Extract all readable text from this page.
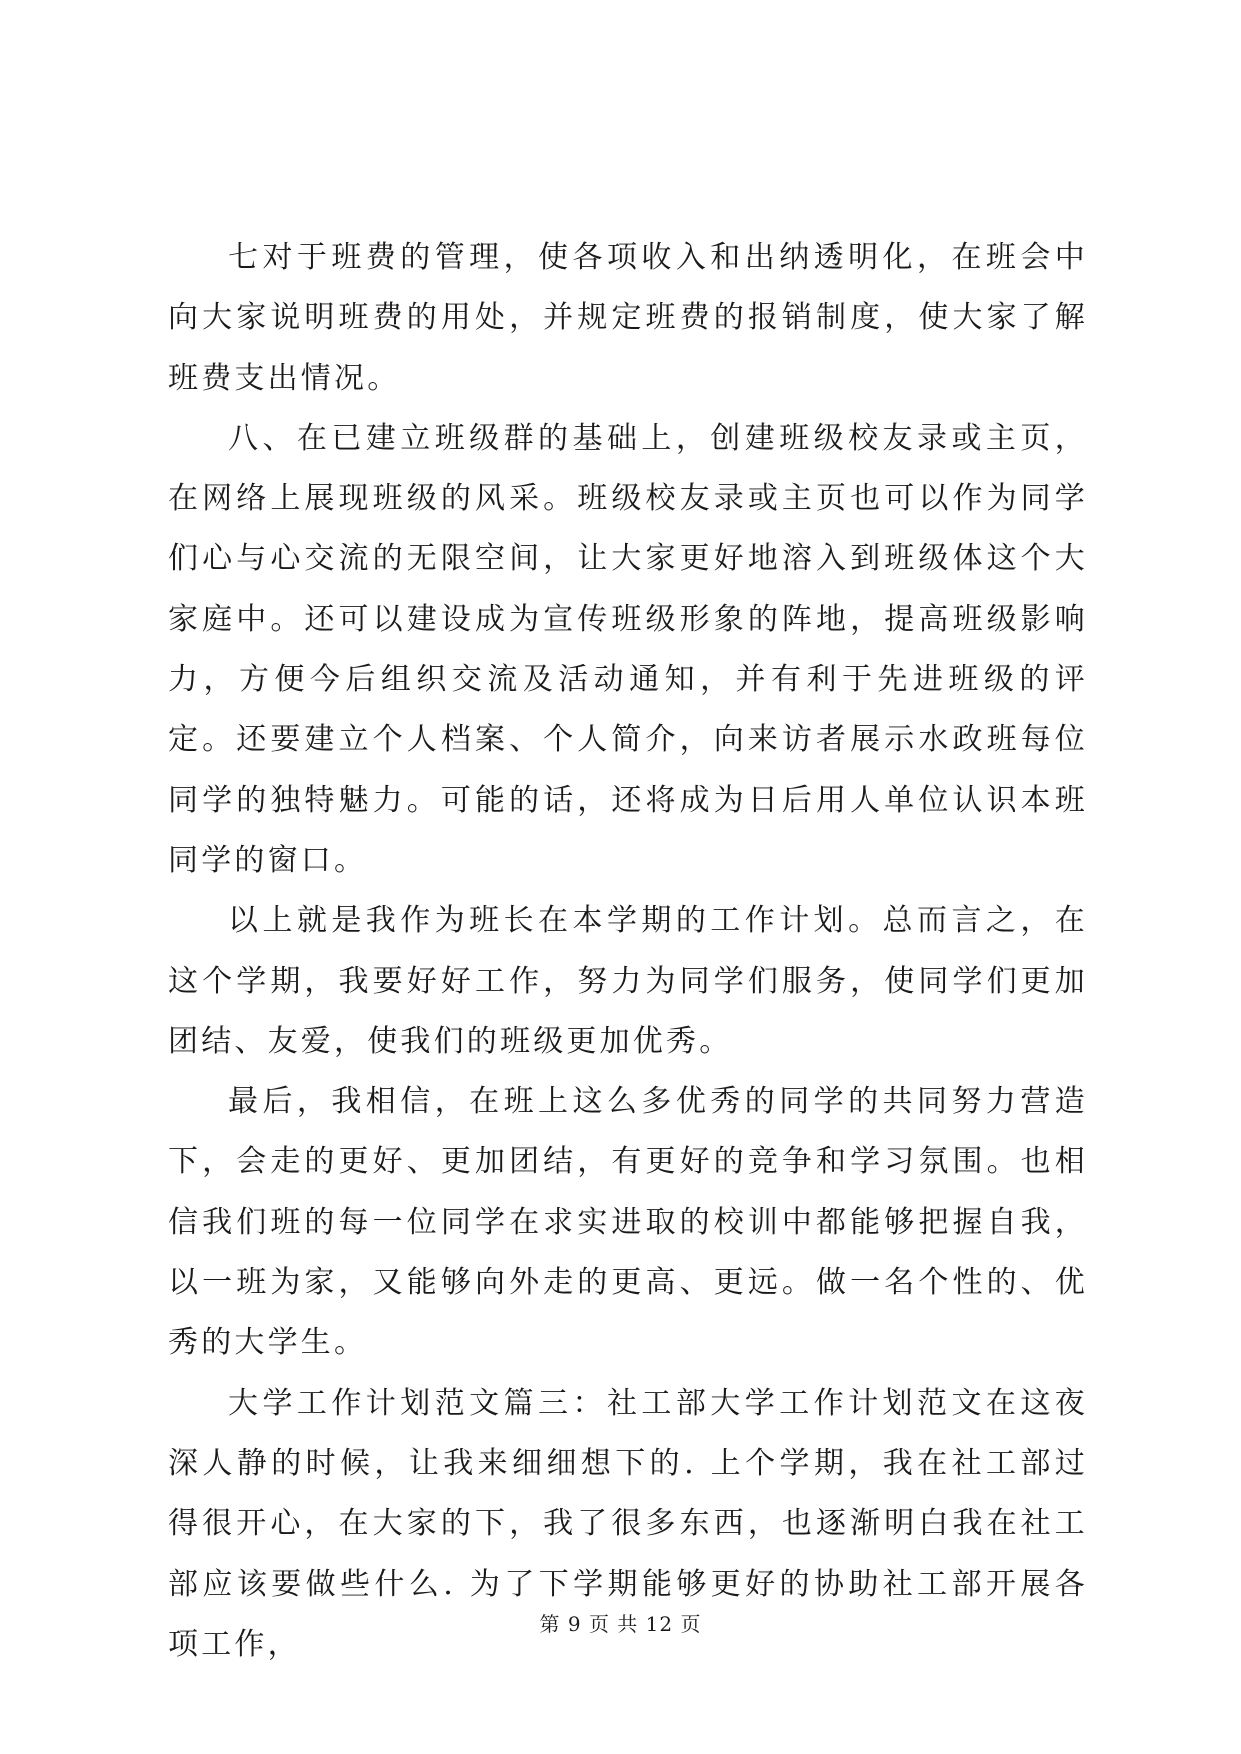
七对于班费的管理，使各项收入和出纳透明化，在班会中向大家说明班费的用处，并规定班费的报销制度，使大家了解班费支出情况。

八、在已建立班级群的基础上，创建班级校友录或主页，在网络上展现班级的风采。班级校友录或主页也可以作为同学们心与心交流的无限空间，让大家更好地溶入到班级体这个大家庭中。还可以建设成为宣传班级形象的阵地，提高班级影响力，方便今后组织交流及活动通知，并有利于先进班级的评定。还要建立个人档案、个人简介，向来访者展示水政班每位同学的独特魅力。可能的话，还将成为日后用人单位认识本班同学的窗口。

以上就是我作为班长在本学期的工作计划。总而言之，在这个学期，我要好好工作，努力为同学们服务，使同学们更加团结、友爱，使我们的班级更加优秀。

最后，我相信，在班上这么多优秀的同学的共同努力营造下，会走的更好、更加团结，有更好的竞争和学习氛围。也相信我们班的每一位同学在求实进取的校训中都能够把握自我，以一班为家，又能够向外走的更高、更远。做一名个性的、优秀的大学生。

大学工作计划范文篇三：社工部大学工作计划范文在这夜深人静的时候，让我来细细想下的. 上个学期，我在社工部过得很开心，在大家的下，我了很多东西，也逐渐明白我在社工部应该要做些什么. 为了下学期能够更好的协助社工部开展各项工作，

第 9 页 共 12 页
